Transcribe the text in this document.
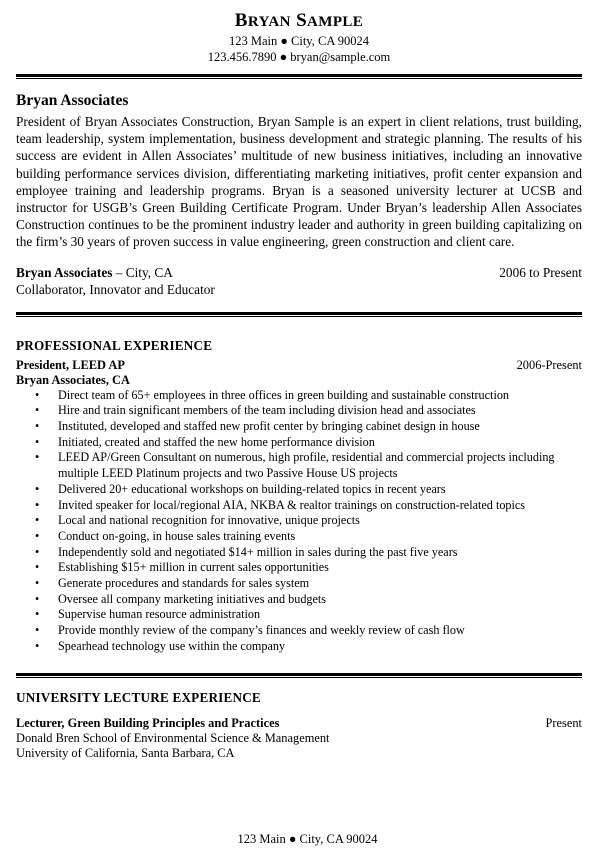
BRYAN SAMPLE
123 Main ● City, CA 90024
123.456.7890 ● bryan@sample.com
Bryan Associates

President of Bryan Associates Construction, Bryan Sample is an expert in client relations, trust building, team leadership, system implementation, business development and strategic planning. The results of his success are evident in Allen Associates’ multitude of new business initiatives, including an innovative building performance services division, differentiating marketing initiatives, profit center expansion and employee training and leadership programs. Bryan is a seasoned university lecturer at UCSB and instructor for USGB’s Green Building Certificate Program. Under Bryan’s leadership Allen Associates Construction continues to be the prominent industry leader and authority in green building capitalizing on the firm’s 30 years of proven success in value engineering, green construction and client care.

Bryan Associates – City, CA	2006 to Present
Collaborator, Innovator and Educator
PROFESSIONAL EXPERIENCE
President, LEED AP	2006-Present
Bryan Associates, CA
• Direct team of 65+ employees in three offices in green building and sustainable construction
• Hire and train significant members of the team including division head and associates
• Instituted, developed and staffed new profit center by bringing cabinet design in house
• Initiated, created and staffed the new home performance division
• LEED AP/Green Consultant on numerous, high profile, residential and commercial projects including multiple LEED Platinum projects and two Passive House US projects
• Delivered 20+ educational workshops on building-related topics in recent years
• Invited speaker for local/regional AIA, NKBA & realtor trainings on construction-related topics
• Local and national recognition for innovative, unique projects
• Conduct on-going, in house sales training events
• Independently sold and negotiated $14+ million in sales during the past five years
• Establishing $15+ million in current sales opportunities
• Generate procedures and standards for sales system
• Oversee all company marketing initiatives and budgets
• Supervise human resource administration
• Provide monthly review of the company’s finances and weekly review of cash flow
• Spearhead technology use within the company
UNIVERSITY LECTURE EXPERIENCE
Lecturer, Green Building Principles and Practices	Present
Donald Bren School of Environmental Science & Management
University of California, Santa Barbara, CA
123 Main ● City, CA 90024
